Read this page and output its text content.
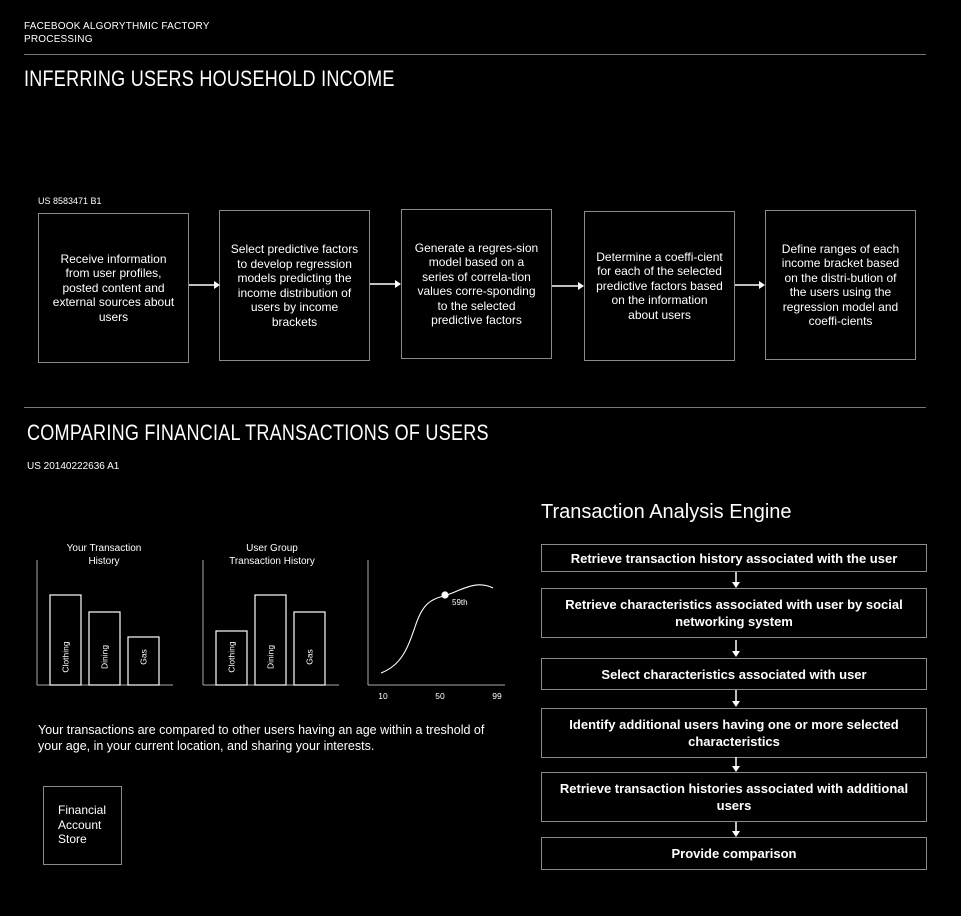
FACEBOOK ALGORYTHMIC FACTORY
PROCESSING
INFERRING USERS HOUSEHOLD INCOME
US 8583471 B1
Receive information from user profiles, posted content and external sources about users
Select predictive factors to develop regression models predicting the income distribution of users by income brackets
Generate a regres-sion model based on a series of correla-tion values corre-sponding to the selected predictive factors
Determine a coeffi-cient for each of the selected predictive factors based on the information about users
Define ranges of each income bracket based on the distri-bution of the users using the regression model and coeffi-cients
COMPARING FINANCIAL TRANSACTIONS OF USERS
US 20140222636 A1
Your Transaction History
User Group Transaction History
Clothing	Dining	Gas	Clothing	Dining	Gas
59th
10	50	99
Your transactions are compared to other users having an age within a treshold of your age, in your current location, and sharing your interests.
Financial Account Store
Transaction Analysis Engine
Retrieve transaction history associated with the user
Retrieve characteristics associated with user by social networking system
Select characteristics associated with user
Identify additional users having one or more selected characteristics
Retrieve transaction histories associated with additional users
Provide comparison
